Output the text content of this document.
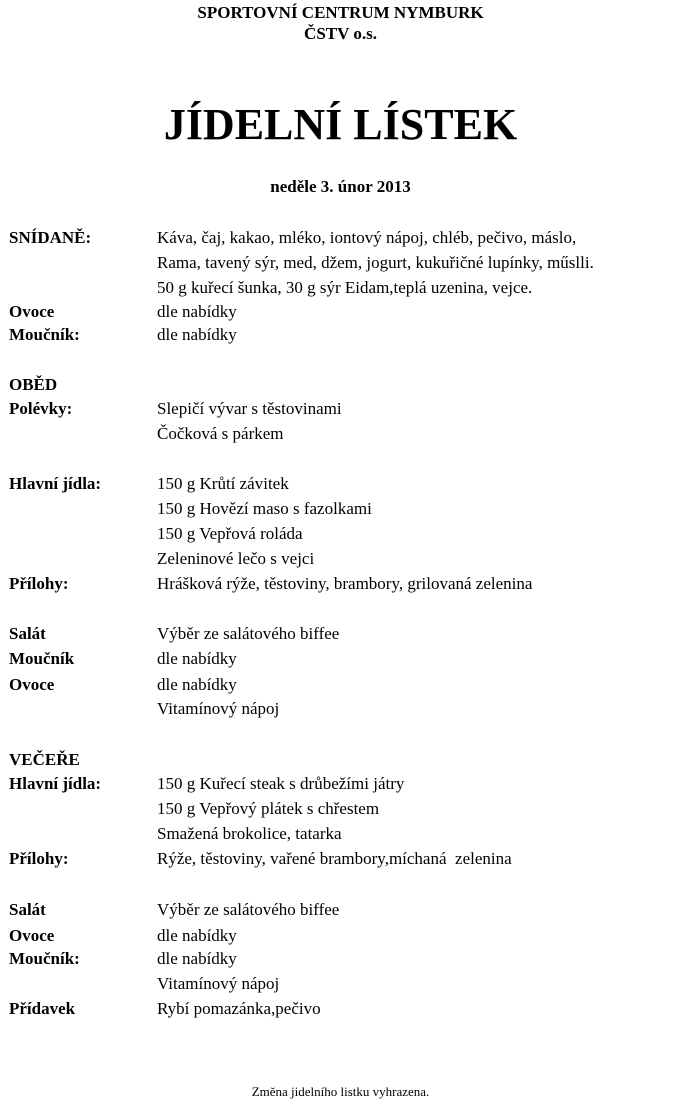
SPORTOVNÍ CENTRUM NYMBURK
ČSTV o.s.
JÍDELNÍ LÍSTEK
neděle 3. únor 2013
SNÍDANĚ:	Káva, čaj, kakao, mléko, iontový nápoj, chléb, pečivo, máslo,
Rama, tavený sýr, med, džem, jogurt, kukuřičné lupínky, műslli.
50 g kuřecí šunka, 30 g sýr Eidam,teplá uzenina, vejce.
Ovoce	dle nabídky
Moučník:	dle nabídky
OBĚD
Polévky:	Slepičí vývar s těstovinami
Čočková s párkem
Hlavní jídla:	150 g Krůtí závitek
150 g Hovězí maso s fazolkami
150 g Vepřová roláda
Zeleninové lečo s vejci
Přílohy:	Hrášková rýže, těstoviny, brambory, grilovaná zelenina
Salát	Výběr ze salátového biffee
Moučník	dle nabídky
Ovoce	dle nabídky
Vitamínový nápoj
VEČEŘE
Hlavní jídla:	150 g Kuřecí steak s drůbežími játry
150 g Vepřový plátek s chřestem
Smažená brokolice, tatarka
Přílohy:	Rýže, těstoviny, vařené brambory,míchaná  zelenina
Salát	Výběr ze salátového biffee
Ovoce	dle nabídky
Moučník:	dle nabídky
Vitamínový nápoj
Přídavek	Rybí pomazánka,pečivo
Změna jidelního listku vyhrazena.
